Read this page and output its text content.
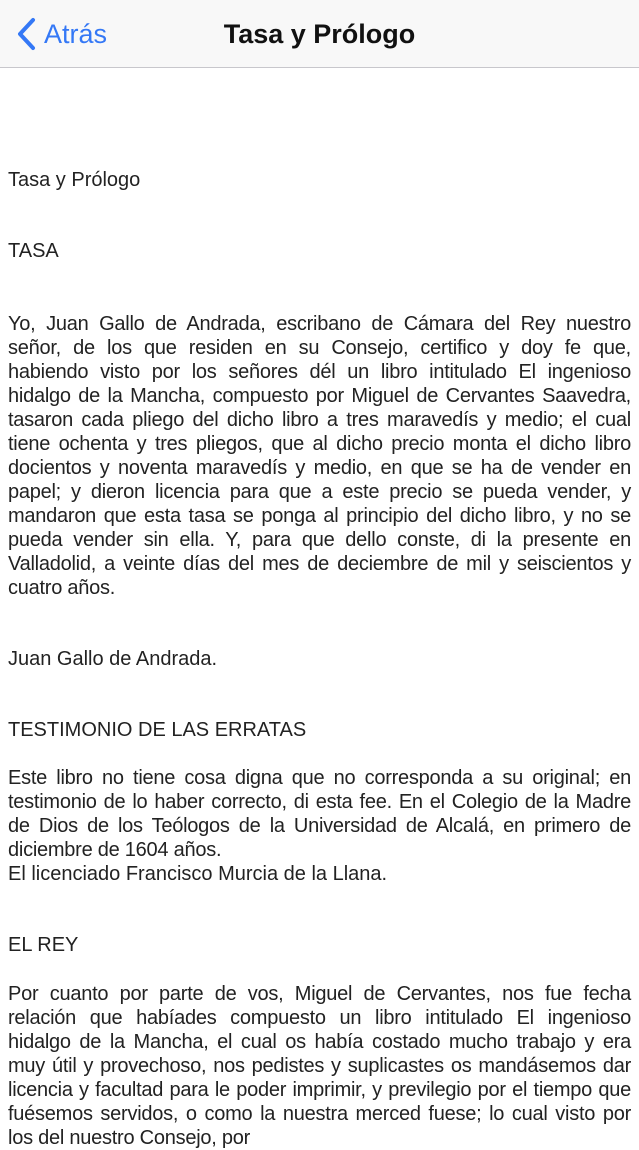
Atrás	Tasa y Prólogo

Tasa y Prólogo

TASA

Yo, Juan Gallo de Andrada, escribano de Cámara del Rey nuestro señor, de los que residen en su Consejo, certifico y doy fe que, habiendo visto por los señores dél un libro intitulado El ingenioso hidalgo de la Mancha, compuesto por Miguel de Cervantes Saavedra, tasaron cada pliego del dicho libro a tres maravedís y medio; el cual tiene ochenta y tres pliegos, que al dicho precio monta el dicho libro docientos y noventa maravedís y medio, en que se ha de vender en papel; y dieron licencia para que a este precio se pueda vender, y mandaron que esta tasa se ponga al principio del dicho libro, y no se pueda vender sin ella. Y, para que dello conste, di la presente en Valladolid, a veinte días del mes de deciembre de mil y seiscientos y cuatro años.

Juan Gallo de Andrada.

TESTIMONIO DE LAS ERRATAS

Este libro no tiene cosa digna que no corresponda a su original; en testimonio de lo haber correcto, di esta fee. En el Colegio de la Madre de Dios de los Teólogos de la Universidad de Alcalá, en primero de diciembre de 1604 años.

El licenciado Francisco Murcia de la Llana.

EL REY

Por cuanto por parte de vos, Miguel de Cervantes, nos fue fecha relación que habíades compuesto un libro intitulado El ingenioso hidalgo de la Mancha, el cual os había costado mucho trabajo y era muy útil y provechoso, nos pedistes y suplicastes os mandásemos dar licencia y facultad para le poder imprimir, y previlegio por el tiempo que fuésemos servidos, o como la nuestra merced fuese; lo cual visto por los del nuestro Consejo, por
